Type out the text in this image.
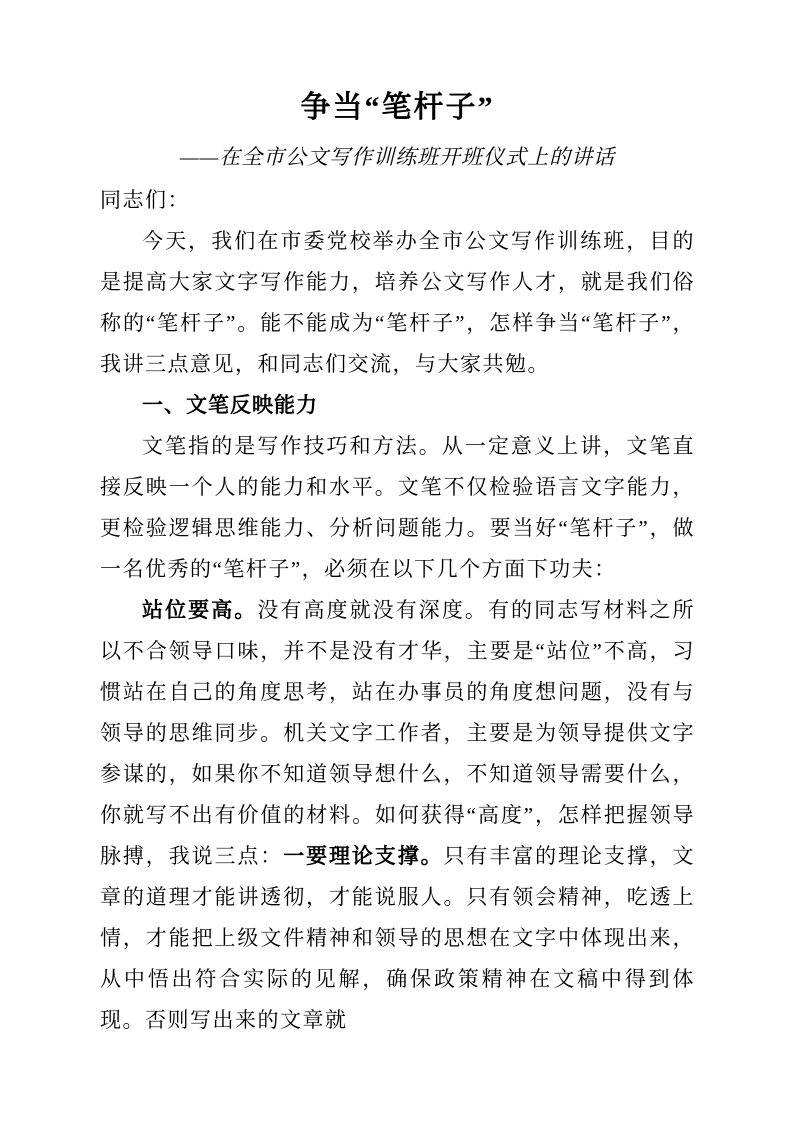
争当“笔杆子”
——在全市公文写作训练班开班仪式上的讲话

同志们：

今天，我们在市委党校举办全市公文写作训练班，目的是提高大家文字写作能力，培养公文写作人才，就是我们俗称的“笔杆子”。能不能成为“笔杆子”，怎样争当“笔杆子”，我讲三点意见，和同志们交流，与大家共勉。

一、文笔反映能力

文笔指的是写作技巧和方法。从一定意义上讲，文笔直接反映一个人的能力和水平。文笔不仅检验语言文字能力，更检验逻辑思维能力、分析问题能力。要当好“笔杆子”，做一名优秀的“笔杆子”，必须在以下几个方面下功夫：

站位要高。没有高度就没有深度。有的同志写材料之所以不合领导口味，并不是没有才华，主要是“站位”不高，习惯站在自己的角度思考，站在办事员的角度想问题，没有与领导的思维同步。机关文字工作者，主要是为领导提供文字参谋的，如果你不知道领导想什么，不知道领导需要什么，你就写不出有价值的材料。如何获得“高度”，怎样把握领导脉搏，我说三点：一要理论支撑。只有丰富的理论支撑，文章的道理才能讲透彻，才能说服人。只有领会精神，吃透上情，才能把上级文件精神和领导的思想在文字中体现出来，从中悟出符合实际的见解，确保政策精神在文稿中得到体现。否则写出来的文章就
